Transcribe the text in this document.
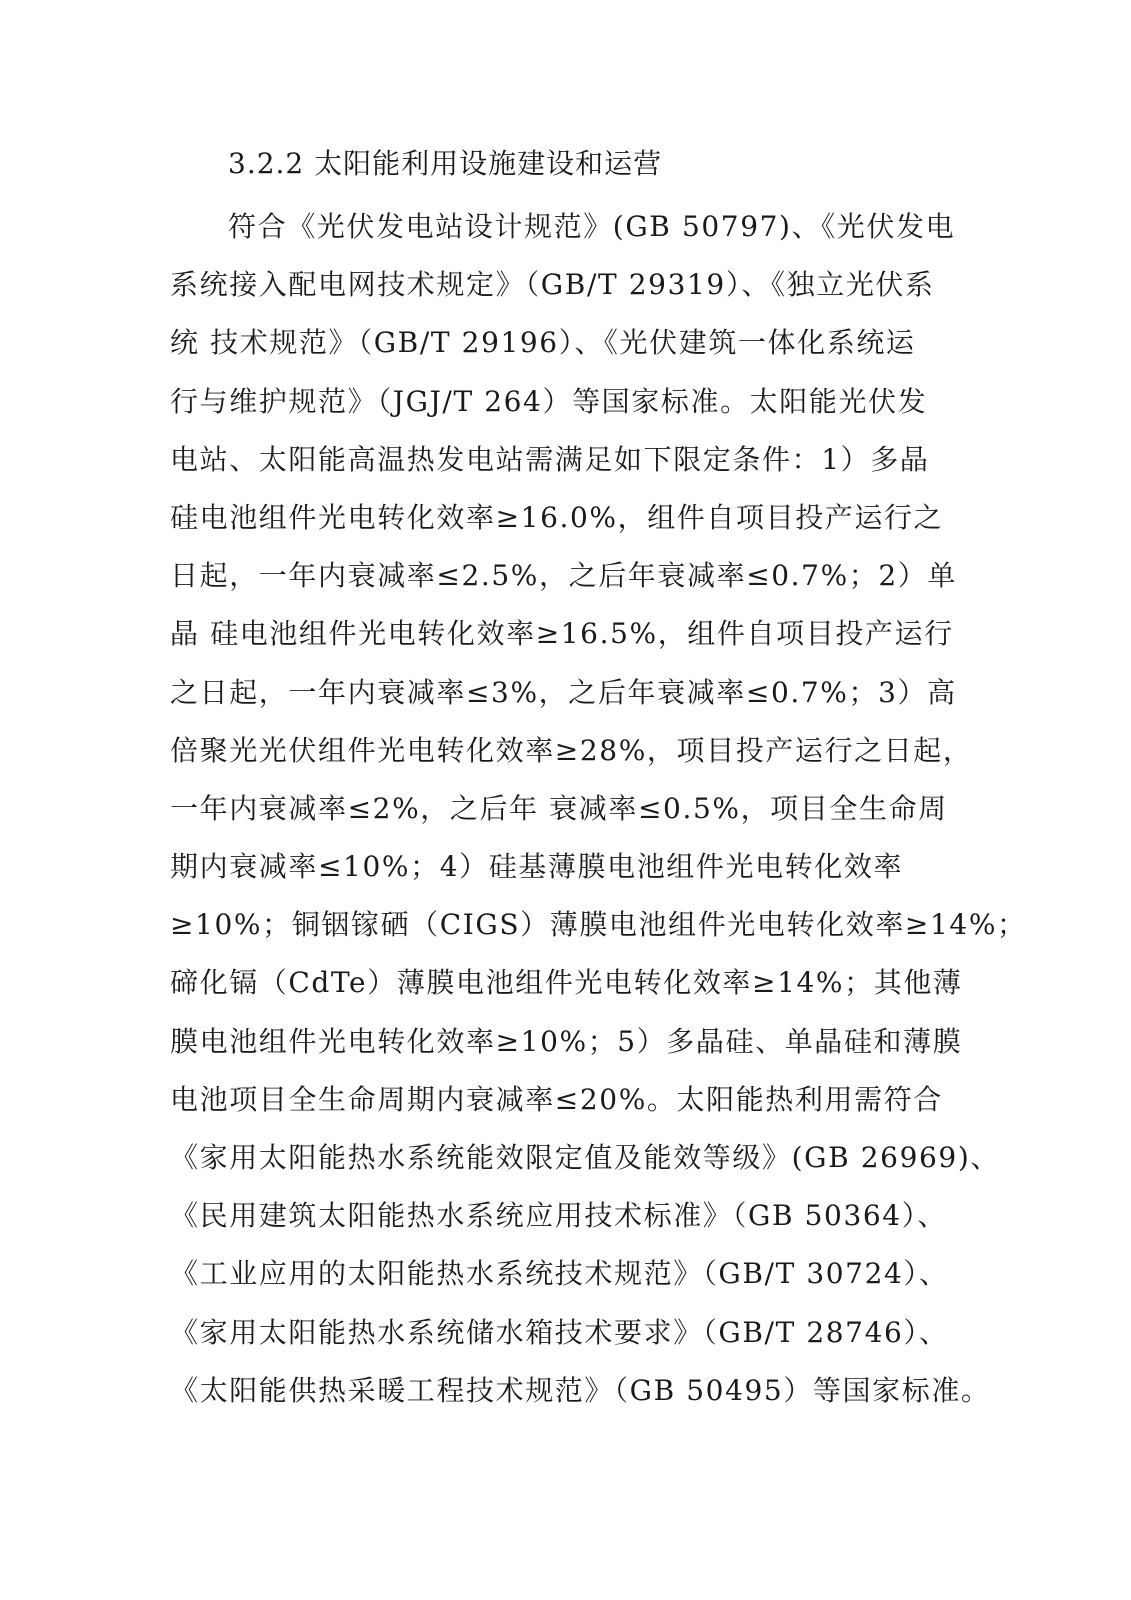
3.2.2 太阳能利用设施建设和运营
符合《光伏发电站设计规范》(GB 50797)、《光伏发电
系统接入配电网技术规定》（GB/T 29319）、《独立光伏系
统 技术规范》（GB/T 29196）、《光伏建筑一体化系统运
行与维护规范》（JGJ/T 264）等国家标准。太阳能光伏发
电站、太阳能高温热发电站需满足如下限定条件：1）多晶
硅电池组件光电转化效率≥16.0%，组件自项目投产运行之
日起，一年内衰减率≤2.5%，之后年衰减率≤0.7%；2）单
晶 硅电池组件光电转化效率≥16.5%，组件自项目投产运行
之日起，一年内衰减率≤3%，之后年衰减率≤0.7%；3）高
倍聚光光伏组件光电转化效率≥28%，项目投产运行之日起，
一年内衰减率≤2%，之后年 衰减率≤0.5%，项目全生命周
期内衰减率≤10%；4）硅基薄膜电池组件光电转化效率
≥10%；铜铟镓硒（CIGS）薄膜电池组件光电转化效率≥14%；
碲化镉（CdTe）薄膜电池组件光电转化效率≥14%；其他薄
膜电池组件光电转化效率≥10%；5）多晶硅、单晶硅和薄膜
电池项目全生命周期内衰减率≤20%。太阳能热利用需符合
《家用太阳能热水系统能效限定值及能效等级》(GB 26969)、
《民用建筑太阳能热水系统应用技术标准》（GB 50364）、
《工业应用的太阳能热水系统技术规范》（GB/T 30724）、
《家用太阳能热水系统储水箱技术要求》（GB/T 28746）、
《太阳能供热采暖工程技术规范》（GB 50495）等国家标准。
